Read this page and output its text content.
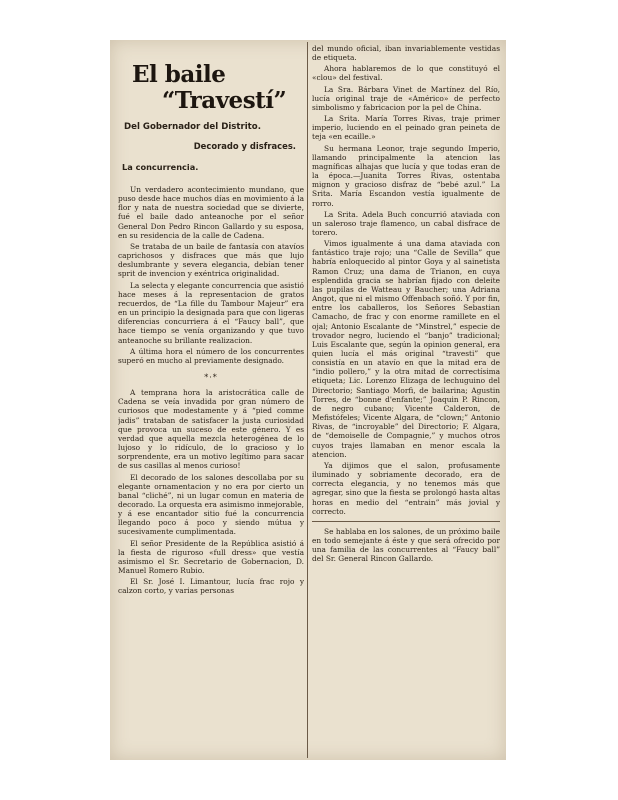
El baile
“Travestí”
Del Gobernador del Distrito.
Decorado y disfraces.
La concurrencia.

Un verdadero acontecimiento mundano, que puso desde hace muchos días en movimiento á la flor y nata de nuestra sociedad que se divierte, fué el baile dado anteanoche por el señor General Don Pedro Rincon Gallardo y su esposa, en su residencia de la calle de Cadena.

Se trataba de un baile de fantasía con atavíos caprichosos y disfraces que más que lujo deslumbrante y severa elegancia, debían tener sprit de invencion y exéntrica originalidad.

La selecta y elegante concurrencia que asistió hace meses á la representacion de gratos recuerdos, de “La fille du Tambour Majeur” era en un principio la designada para que con ligeras diferencias concurriera á el “Faucy ball”, que hace tiempo se venía organizando y que tuvo anteanoche su brillante realizacion.

A última hora el número de los concurrentes superó en mucho al previamente designado.

*·*

A temprana hora la aristocrática calle de Cadena se veía invadida por gran número de curiosos que modestamente y á “pied comme jadis” trataban de satisfacer la justa curiosidad que provoca un suceso de este género. Y es verdad que aquella mezcla heterogénea de lo lujoso y lo ridículo, de lo gracioso y lo sorprendente, era un motivo legítimo para sacar de sus casillas al menos curioso!

El decorado de los salones descollaba por su elegante ornamentacion y no era por cierto un banal “cliché”, ni un lugar comun en materia de decorado. La orquesta era asimismo inmejorable, y á ese encantador sitio fué la concurrencia llegando poco á poco y siendo mútua y sucesivamente cumplimentada.

El señor Presidente de la República asistió á la fiesta de riguroso «full dress» que vestía asimismo el Sr. Secretario de Gobernacion, D. Manuel Romero Rubio.

El Sr. José I. Limantour, lucía frac rojo y calzon corto, y varias personas

del mundo oficial, iban invariablemente vestidas de etiqueta.

Ahora hablaremos de lo que constituyó el «clou» del festival.

La Sra. Bárbara Vinet de Martínez del Río, lucía original traje de «Américo» de perfecto simbolismo y fabricacion por la pel de China.

La Srita. María Torres Rivas, traje primer imperio, luciendo en el peinado gran peineta de teja «en ecaille.»

Su hermana Leonor, traje segundo Imperio, llamando principalmente la atencion las magníficas alhajas que lucía y que todas eran de la época.—Juanita Torres Rivas, ostentaba mignon y gracioso disfraz de “bebé azul.” La Srita. María Escandon vestía igualmente de rorro.

La Srita. Adela Buch concurrió ataviada con un saleroso traje flamenco, un cabal disfrace de torero.

Vimos igualmente á una dama ataviada con fantástico traje rojo; una “Calle de Sevilla” que habría enloquecido al pintor Goya y al sainetista Ramon Cruz; una dama de Trianon, en cuya esplendida gracia se habrían fijado con deleite las pupilas de Watteau y Baucher; una Adriana Angot, que ni el mismo Offenbach soñó. Y por fin, entre los caballeros, los Señores Sebastian Camacho, de frac y con enorme ramillete en el ojal; Antonio Escalante de “Minstrel,” especie de trovador negro, luciendo el “banjo” tradicional; Luis Escalante que, según la opinion general, era quien lucía el más original “travesti” que consistía en un atavío en que la mitad era de “indio pollero,” y la otra mitad de correctísima etiqueta; Lic. Lorenzo Elizaga de lechuguino del Directorio; Santiago Morfi, de bailarina; Agustin Torres, de “bonne d'enfante;” Joaquin P. Rincon, de negro cubano; Vicente Calderon, de Mefistófeles; Vicente Algara, de “clown;” Antonio Rivas, de “incroyable” del Directorio; F. Algara, de “demoiselle de Compagnie,” y muchos otros cuyos trajes llamaban en menor escala la atencion.

Ya dijimos que el salon, profusamente iluminado y sobriamente decorado, era de correcta elegancia, y no tenemos más que agregar, sino que la fiesta se prolongó hasta altas horas en medio del “entrain” más jovial y correcto.

Se hablaba en los salones, de un próximo baile en todo semejante á éste y que será ofrecido por una familia de las concurrentes al “Faucy ball” del Sr. General Rincon Gallardo.
